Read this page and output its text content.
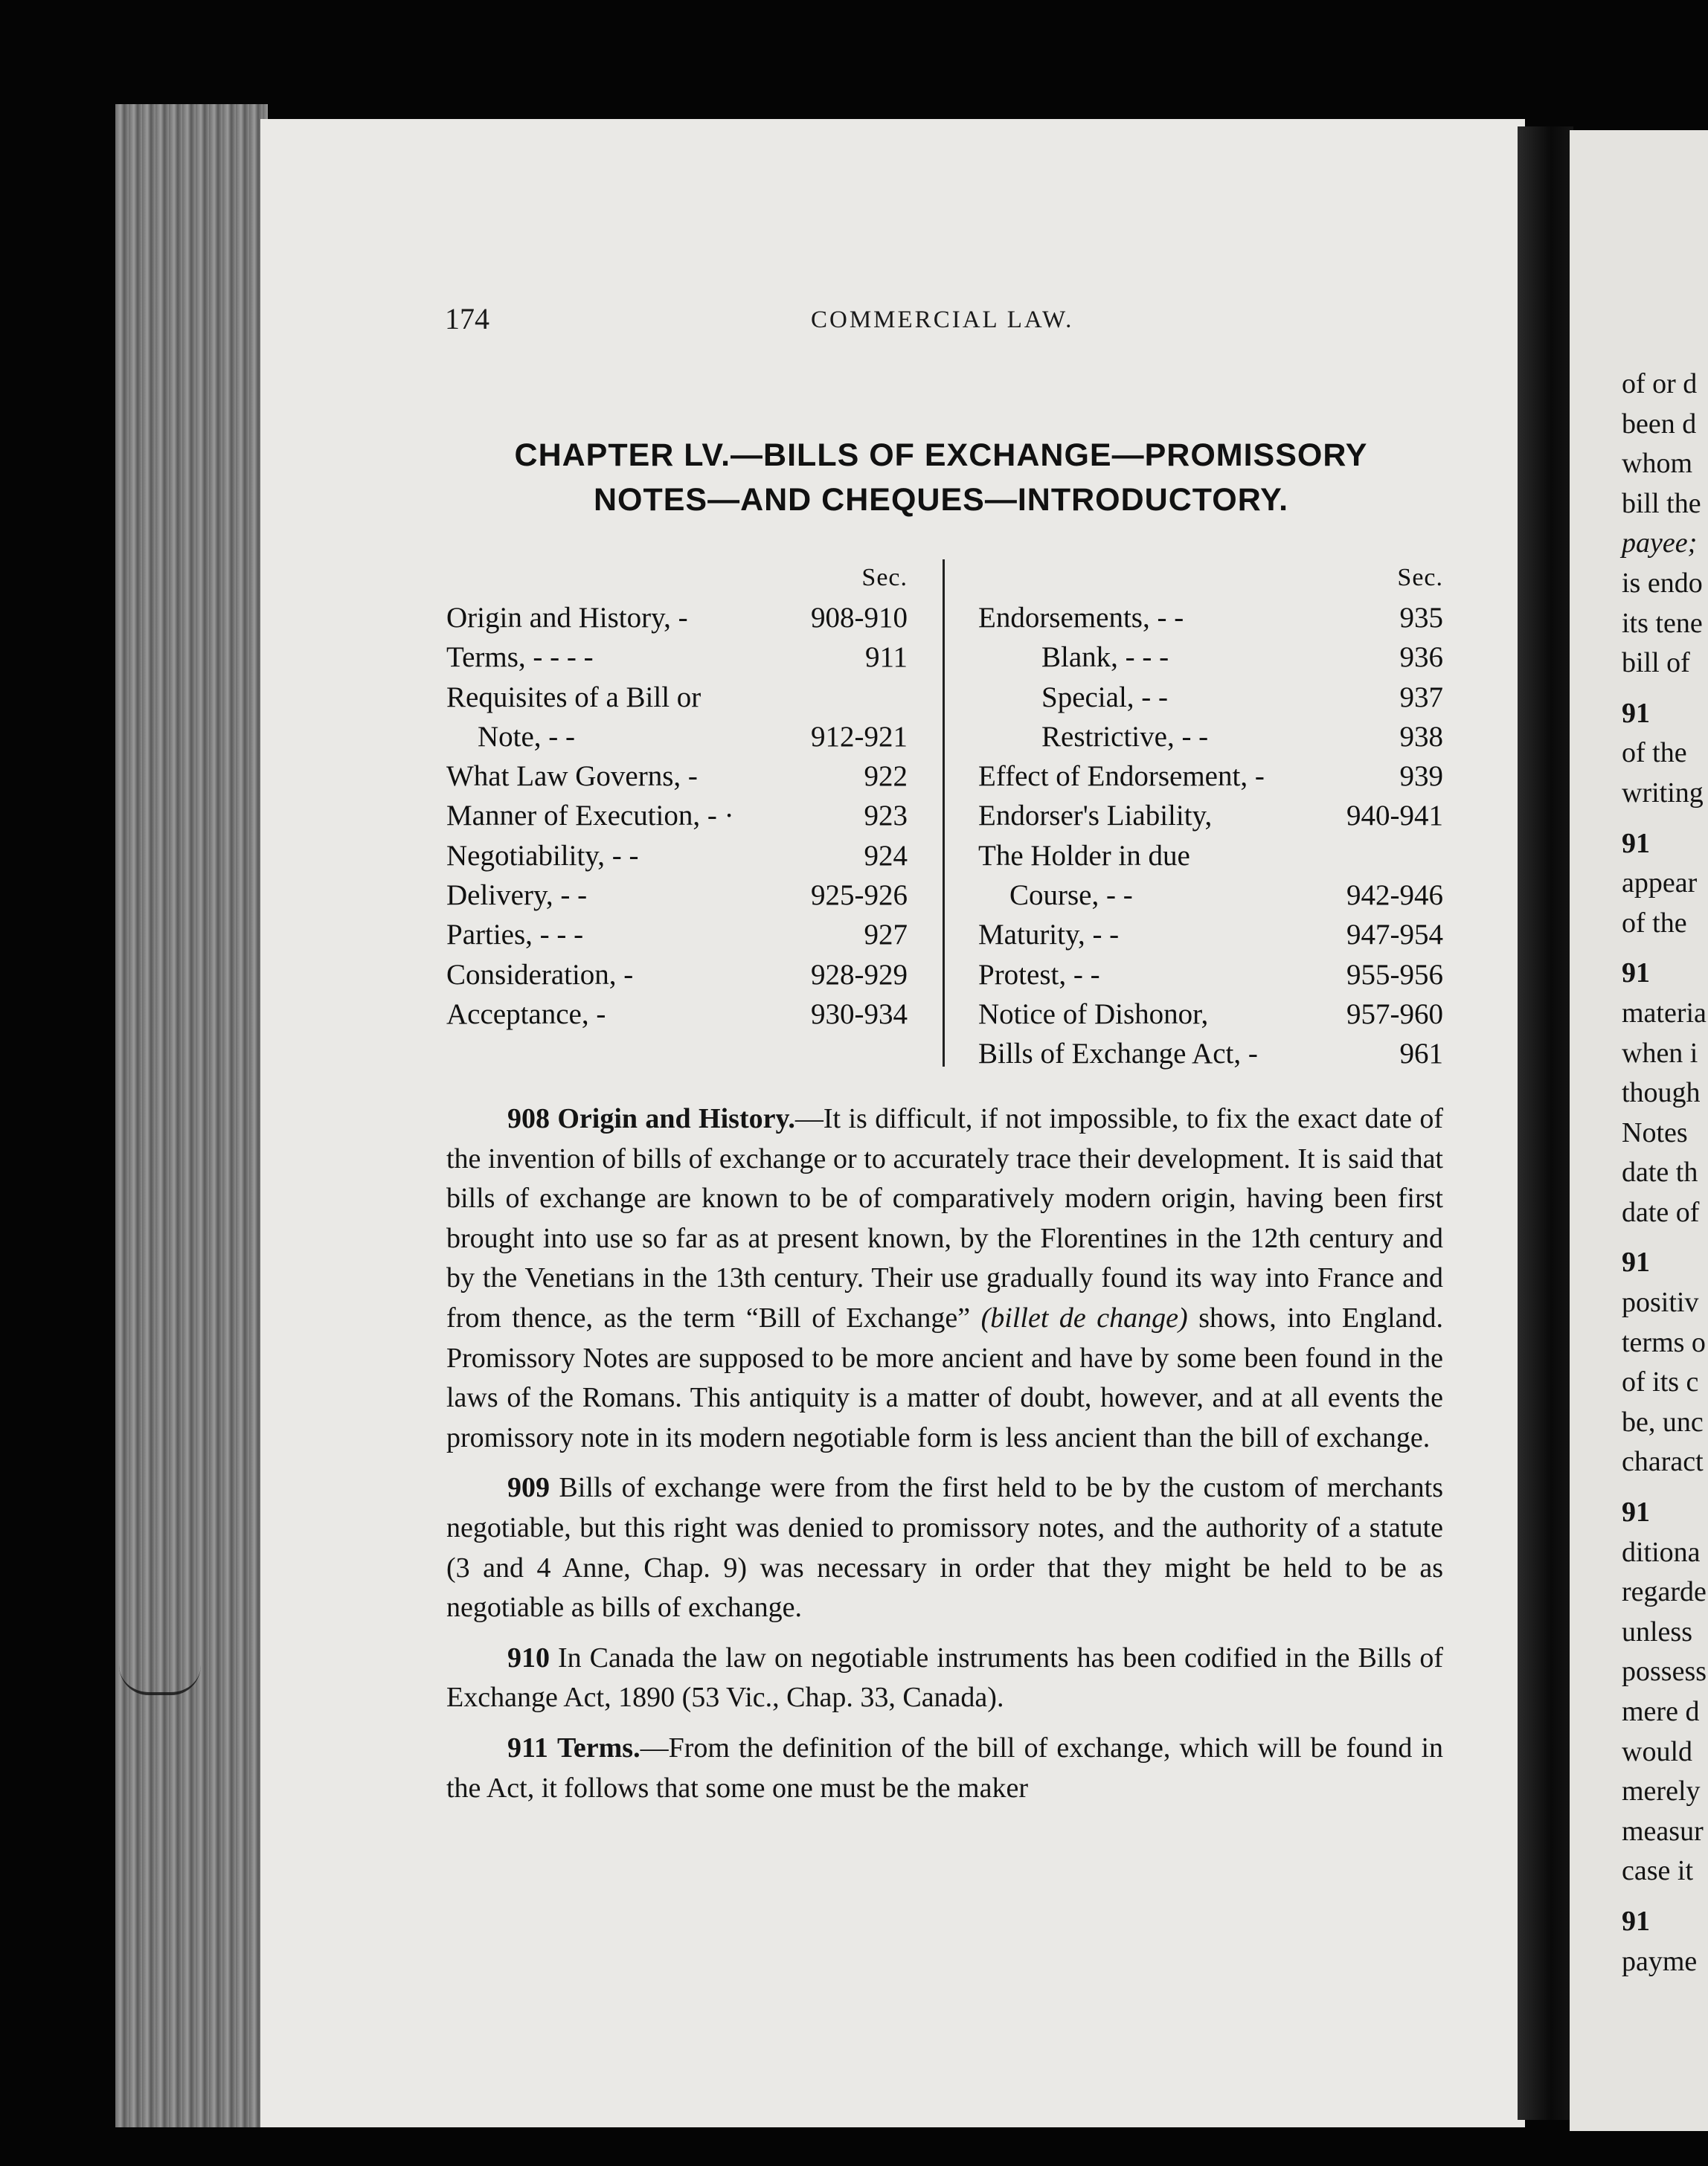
174	COMMERCIAL LAW.
CHAPTER LV.—BILLS OF EXCHANGE—PROMISSORY
NOTES—AND CHEQUES—INTRODUCTORY.
Sec.
Origin and History, -	908-910
Terms, - - - -	911
Requisites of a Bill or
Note, - -	912-921
What Law Governs, -	922
Manner of Execution, - ·	923
Negotiability, - -	924
Delivery, - -	925-926
Parties, - - -	927
Consideration, -	928-929
Acceptance, -	930-934
Sec.
Endorsements, - -	935
Blank, - - -	936
Special, - -	937
Restrictive, - -	938
Effect of Endorsement, -	939
Endorser's Liability,	940-941
The Holder in due
Course, - -	942-946
Maturity, - -	947-954
Protest, - -	955-956
Notice of Dishonor,	957-960
Bills of Exchange Act, -	961

908 Origin and History.—It is difficult, if not impossible, to fix the exact date of the invention of bills of exchange or to accurately trace their development. It is said that bills of exchange are known to be of comparatively modern origin, having been first brought into use so far as at present known, by the Florentines in the 12th century and by the Venetians in the 13th century. Their use gradually found its way into France and from thence, as the term “Bill of Exchange” (billet de change) shows, into England. Promissory Notes are supposed to be more ancient and have by some been found in the laws of the Romans. This antiquity is a matter of doubt, however, and at all events the promissory note in its modern negotiable form is less ancient than the bill of exchange.

909 Bills of exchange were from the first held to be by the custom of merchants negotiable, but this right was denied to promissory notes, and the authority of a statute (3 and 4 Anne, Chap. 9) was necessary in order that they might be held to be as negotiable as bills of exchange.

910 In Canada the law on negotiable instruments has been codified in the Bills of Exchange Act, 1890 (53 Vic., Chap. 33, Canada).

911 Terms.—From the definition of the bill of exchange, which will be found in the Act, it follows that some one must be the maker

of or d
been d
whom
bill the
payee;
is endo
its tene
bill of
91
of the
writing
91
appear
of the
91
materia
when i
though
Notes
date th
date of
91
positiv
terms o
of its c
be, unc
charact
91
ditiona
regarde
unless
possess
mere d
would
merely
measur
case it
91
payme
